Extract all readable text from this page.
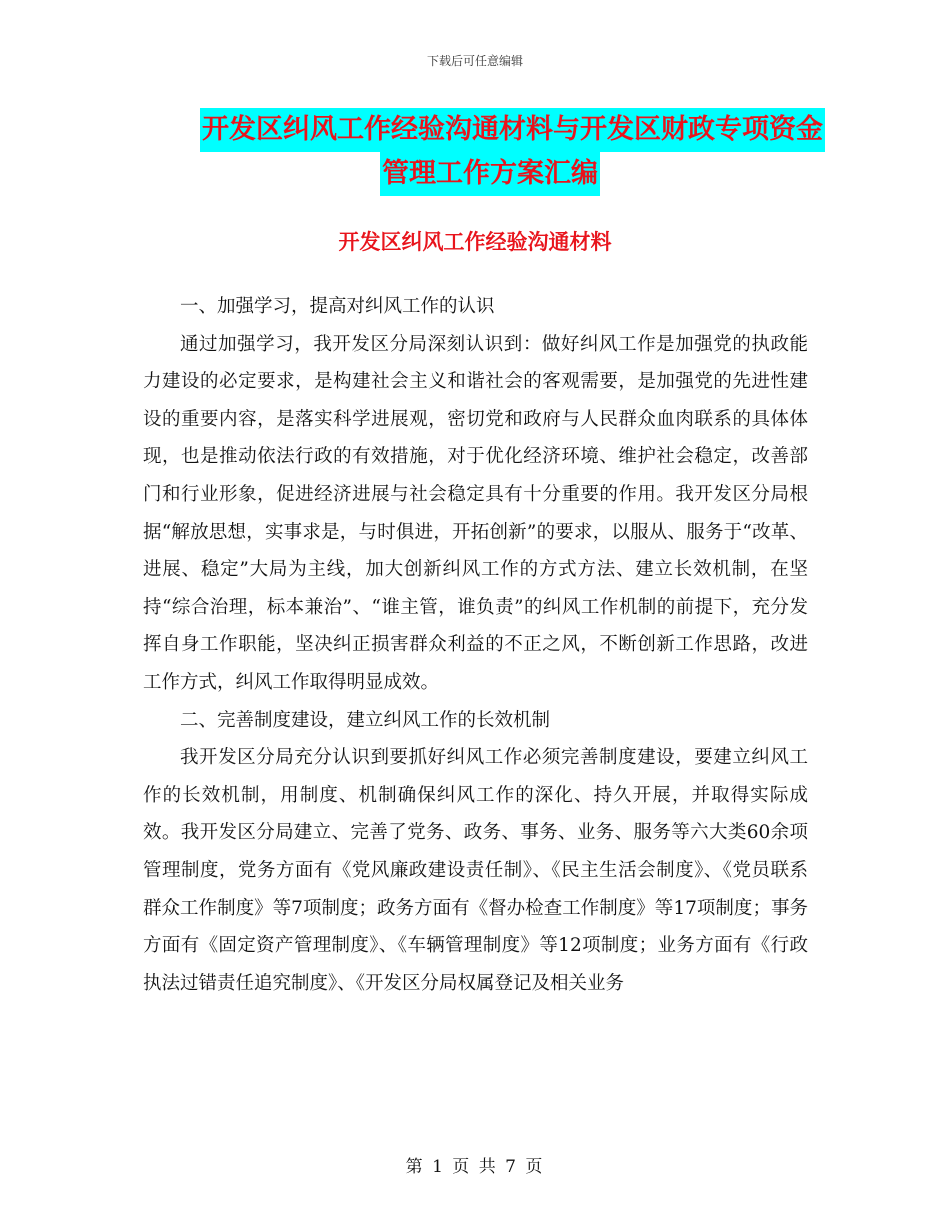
下载后可任意编辑
开发区纠风工作经验沟通材料与开发区财政专项资金
管理工作方案汇编
开发区纠风工作经验沟通材料

一、加强学习，提高对纠风工作的认识

通过加强学习，我开发区分局深刻认识到：做好纠风工作是加强党的执政能力建设的必定要求，是构建社会主义和谐社会的客观需要，是加强党的先进性建设的重要内容，是落实科学进展观，密切党和政府与人民群众血肉联系的具体体现，也是推动依法行政的有效措施，对于优化经济环境、维护社会稳定，改善部门和行业形象，促进经济进展与社会稳定具有十分重要的作用。我开发区分局根据“解放思想，实事求是，与时俱进，开拓创新”的要求，以服从、服务于“改革、进展、稳定”大局为主线，加大创新纠风工作的方式方法、建立长效机制，在坚持“综合治理，标本兼治”、“谁主管，谁负责”的纠风工作机制的前提下，充分发挥自身工作职能，坚决纠正损害群众利益的不正之风，不断创新工作思路，改进工作方式，纠风工作取得明显成效。

二、完善制度建设，建立纠风工作的长效机制

我开发区分局充分认识到要抓好纠风工作必须完善制度建设，要建立纠风工作的长效机制，用制度、机制确保纠风工作的深化、持久开展，并取得实际成效。我开发区分局建立、完善了党务、政务、事务、业务、服务等六大类60余项管理制度，党务方面有《党风廉政建设责任制》、《民主生活会制度》、《党员联系群众工作制度》等7项制度；政务方面有《督办检查工作制度》等17项制度；事务方面有《固定资产管理制度》、《车辆管理制度》等12项制度；业务方面有《行政执法过错责任追究制度》、《开发区分局权属登记及相关业务

第 1 页 共 7 页
